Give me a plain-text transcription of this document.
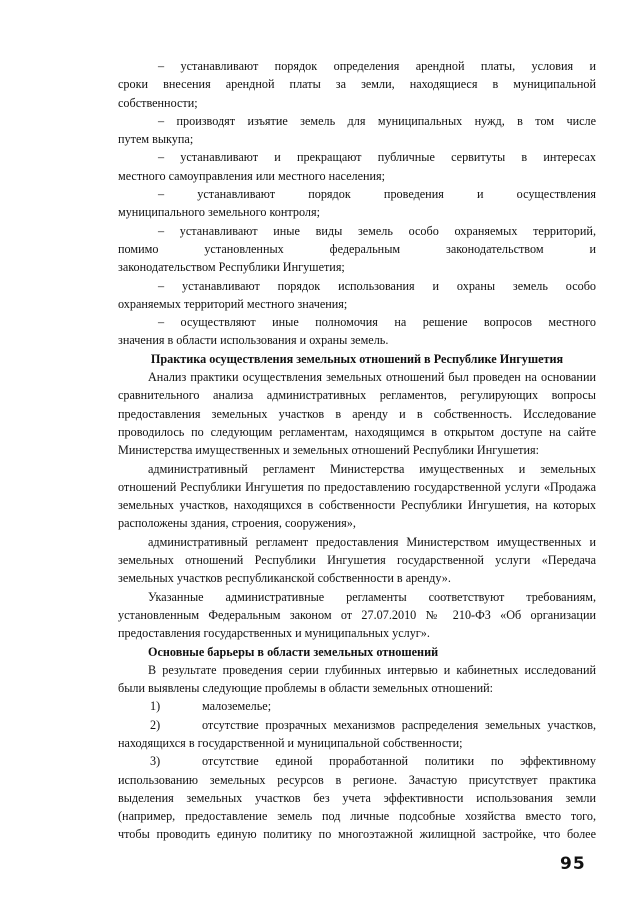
– устанавливают порядок определения арендной платы, условия и
сроки внесения арендной платы за земли, находящиеся в муниципальной
собственности;
– производят изъятие земель для муниципальных нужд, в том числе
путем выкупа;
– устанавливают и прекращают публичные сервитуты в интересах
местного самоуправления или местного населения;
– устанавливают порядок проведения и осуществления
муниципального земельного контроля;
– устанавливают иные виды земель особо охраняемых территорий,
помимо установленных федеральным законодательством и
законодательством Республики Ингушетия;
– устанавливают порядок использования и охраны земель особо
охраняемых территорий местного значения;
– осуществляют иные полномочия на решение вопросов местного
значения в области использования и охраны земель.
Практика осуществления земельных отношений в Республике Ингушетия
Анализ практики осуществления земельных отношений был проведен на основании
сравнительного анализа административных регламентов, регулирующих вопросы
предоставления земельных участков в аренду и в собственность. Исследование
проводилось по следующим регламентам, находящимся в открытом доступе на сайте
Министерства имущественных и земельных отношений Республики Ингушетия:
административный регламент Министерства имущественных и земельных
отношений Республики Ингушетия по предоставлению государственной услуги «Продажа
земельных участков, находящихся в собственности Республики Ингушетия, на которых
расположены здания, строения, сооружения»,
административный регламент предоставления Министерством имущественных и
земельных отношений Республики Ингушетия государственной услуги «Передача
земельных участков республиканской собственности в аренду».
Указанные административные регламенты соответствуют требованиям,
установленным Федеральным законом от 27.07.2010 № 210-ФЗ «Об организации
предоставления государственных и муниципальных услуг».
Основные барьеры в области земельных отношений
В результате проведения серии глубинных интервью и кабинетных исследований
были выявлены следующие проблемы в области земельных отношений:
1)	малоземелье;
2)	отсутствие прозрачных механизмов распределения земельных участков,
находящихся в государственной и муниципальной собственности;
3)	отсутствие единой проработанной политики по эффективному
использованию земельных ресурсов в регионе. Зачастую присутствует практика
выделения земельных участков без учета эффективности использования земли
(например, предоставление земель под личные подсобные хозяйства вместо того,
чтобы проводить единую политику по многоэтажной жилищной застройке, что более
95
